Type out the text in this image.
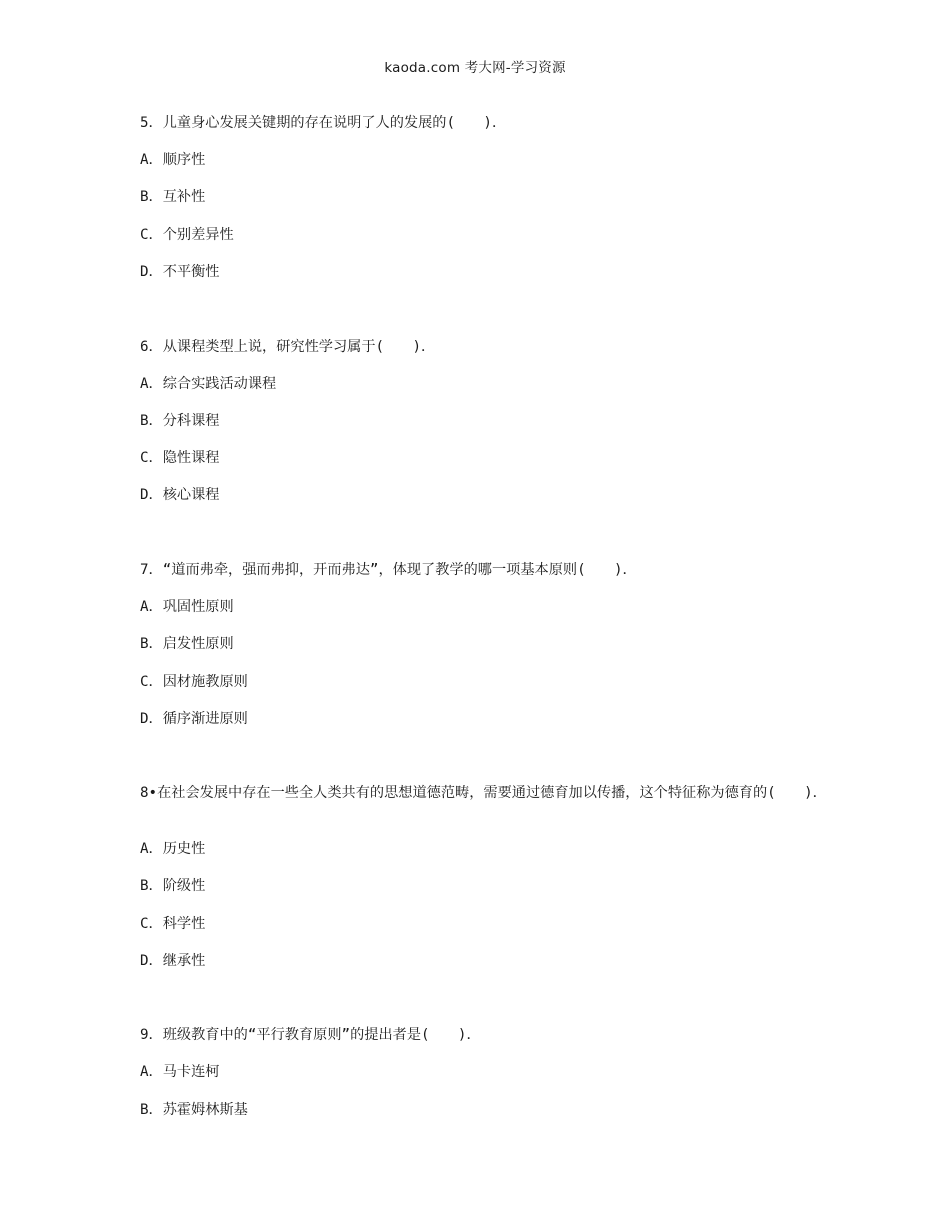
kaoda.com 考大网-学习资源
5．儿童身心发展关键期的存在说明了人的发展的(　　)．
A．顺序性
B．互补性
C．个别差异性
D．不平衡性
6．从课程类型上说，研究性学习属于(　　)．
A．综合实践活动课程
B．分科课程
C．隐性课程
D．核心课程
7．“道而弗牵，强而弗抑，开而弗达”，体现了教学的哪一项基本原则(　　)．
A．巩固性原则
B．启发性原则
C．因材施教原则
D．循序渐进原则
8•在社会发展中存在一些全人类共有的思想道德范畴，需要通过德育加以传播，这个特征称为德育的(　　)．
A．历史性
B．阶级性
C．科学性
D．继承性
9．班级教育中的“平行教育原则”的提出者是(　　)．
A．马卡连柯
B．苏霍姆林斯基
